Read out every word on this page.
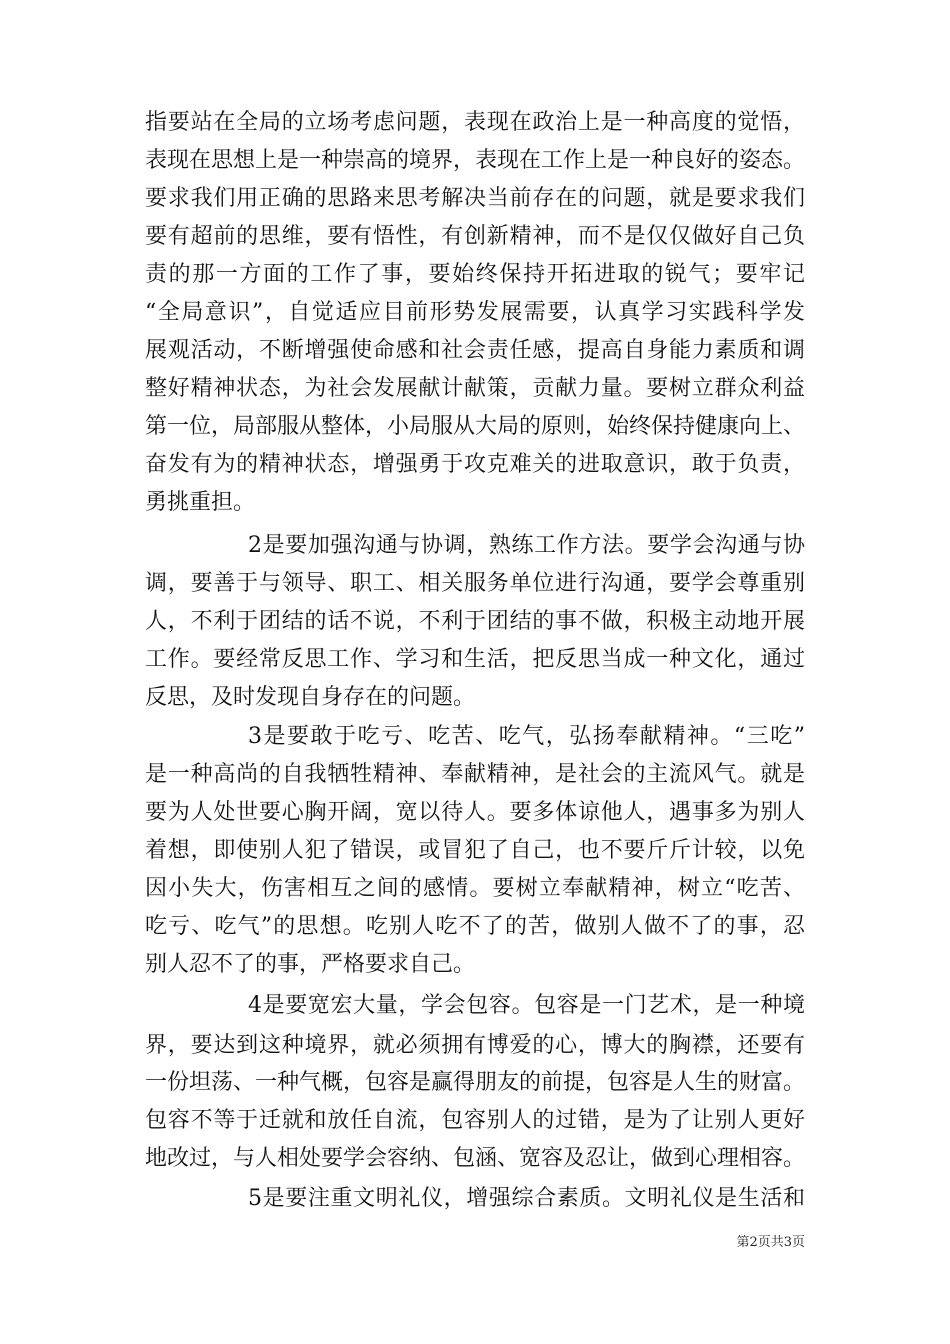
指要站在全局的立场考虑问题，表现在政治上是一种高度的觉悟，
表现在思想上是一种崇高的境界，表现在工作上是一种良好的姿态。
要求我们用正确的思路来思考解决当前存在的问题，就是要求我们
要有超前的思维，要有悟性，有创新精神，而不是仅仅做好自己负
责的那一方面的工作了事，要始终保持开拓进取的锐气；要牢记
“全局意识”，自觉适应目前形势发展需要，认真学习实践科学发
展观活动，不断增强使命感和社会责任感，提高自身能力素质和调
整好精神状态，为社会发展献计献策，贡献力量。要树立群众利益
第一位，局部服从整体，小局服从大局的原则，始终保持健康向上、
奋发有为的精神状态，增强勇于攻克难关的进取意识，敢于负责，
勇挑重担。
2是要加强沟通与协调，熟练工作方法。要学会沟通与协
调，要善于与领导、职工、相关服务单位进行沟通，要学会尊重别
人，不利于团结的话不说，不利于团结的事不做，积极主动地开展
工作。要经常反思工作、学习和生活，把反思当成一种文化，通过
反思，及时发现自身存在的问题。
3是要敢于吃亏、吃苦、吃气，弘扬奉献精神。“三吃”
是一种高尚的自我牺牲精神、奉献精神，是社会的主流风气。就是
要为人处世要心胸开阔，宽以待人。要多体谅他人，遇事多为别人
着想，即使别人犯了错误，或冒犯了自己，也不要斤斤计较，以免
因小失大，伤害相互之间的感情。要树立奉献精神，树立“吃苦、
吃亏、吃气”的思想。吃别人吃不了的苦，做别人做不了的事，忍
别人忍不了的事，严格要求自己。
4是要宽宏大量，学会包容。包容是一门艺术，是一种境
界，要达到这种境界，就必须拥有博爱的心，博大的胸襟，还要有
一份坦荡、一种气概，包容是赢得朋友的前提，包容是人生的财富。
包容不等于迁就和放任自流，包容别人的过错，是为了让别人更好
地改过，与人相处要学会容纳、包涵、宽容及忍让，做到心理相容。
5是要注重文明礼仪，增强综合素质。文明礼仪是生活和
第2页共3页
